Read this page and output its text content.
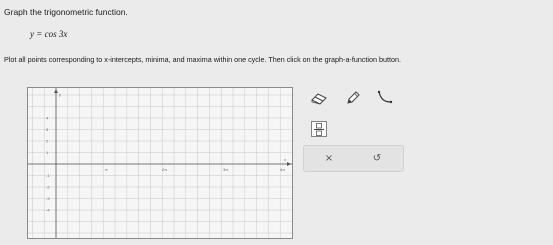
Graph the trigonometric function.
y = cos 3x
Plot all points corresponding to x-intercepts, minima, and maxima within one cycle. Then click on the graph-a-function button.
y
x
π	2π	3π	4π
4
3
2
1
-1
-2
-3
-4
×	↺
